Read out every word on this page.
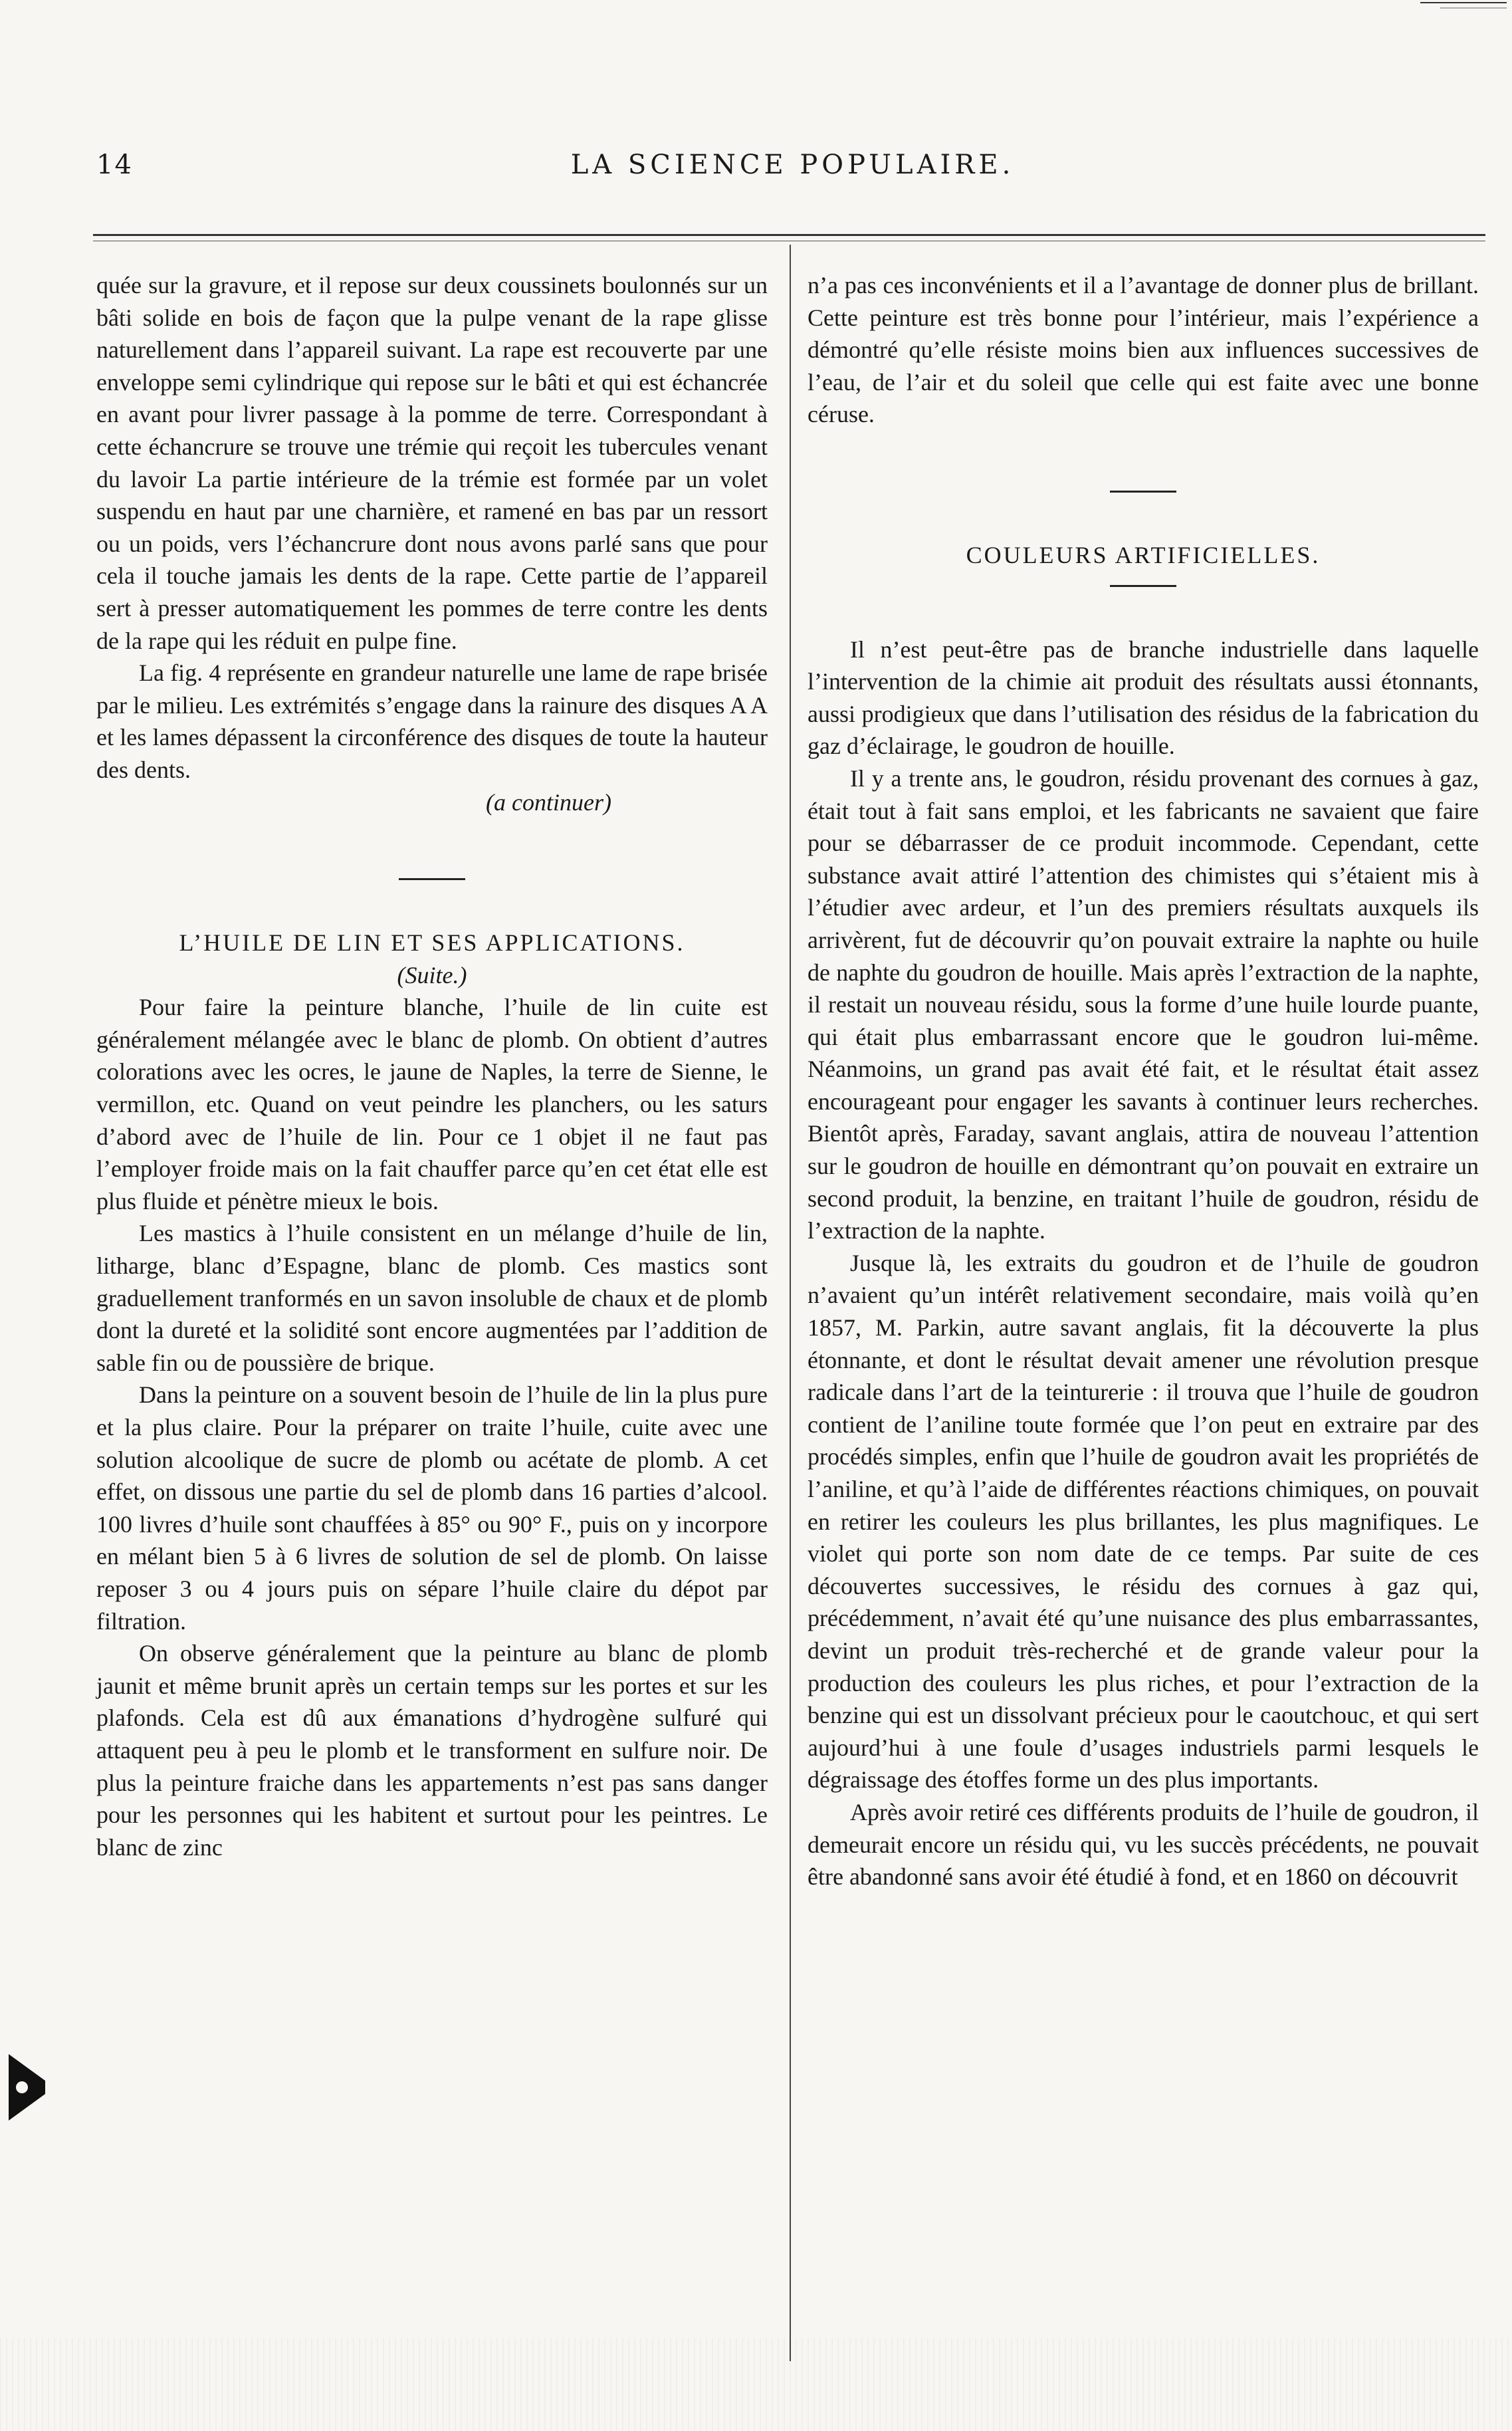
14	LA SCIENCE POPULAIRE.

quée sur la gravure, et il repose sur deux coussinets boulonnés sur un bâti solide en bois de façon que la pulpe venant de la rape glisse naturellement dans l’appareil suivant. La rape est recouverte par une enveloppe semi cylindrique qui repose sur le bâti et qui est échancrée en avant pour livrer passage à la pomme de terre. Correspondant à cette échancrure se trouve une trémie qui reçoit les tubercules venant du lavoir La partie intérieure de la trémie est formée par un volet suspendu en haut par une charnière, et ramené en bas par un ressort ou un poids, vers l’échancrure dont nous avons parlé sans que pour cela il touche jamais les dents de la rape. Cette partie de l’appareil sert à presser automatiquement les pommes de terre contre les dents de la rape qui les réduit en pulpe fine.

La fig. 4 représente en grandeur naturelle une lame de rape brisée par le milieu. Les extrémités s’engage dans la rainure des disques A A et les lames dépassent la circonférence des disques de toute la hauteur des dents.

(a continuer)

L’HUILE DE LIN ET SES APPLICATIONS.

(Suite.)

Pour faire la peinture blanche, l’huile de lin cuite est généralement mélangée avec le blanc de plomb. On obtient d’autres colorations avec les ocres, le jaune de Naples, la terre de Sienne, le vermillon, etc. Quand on veut peindre les planchers, ou les saturs d’abord avec de l’huile de lin. Pour ce 1 objet il ne faut pas l’employer froide mais on la fait chauffer parce qu’en cet état elle est plus fluide et pénètre mieux le bois.

Les mastics à l’huile consistent en un mélange d’huile de lin, litharge, blanc d’Espagne, blanc de plomb. Ces mastics sont graduellement tranformés en un savon insoluble de chaux et de plomb dont la dureté et la solidité sont encore augmentées par l’addition de sable fin ou de poussière de brique.

Dans la peinture on a souvent besoin de l’huile de lin la plus pure et la plus claire. Pour la préparer on traite l’huile, cuite avec une solution alcoolique de sucre de plomb ou acétate de plomb. A cet effet, on dissous une partie du sel de plomb dans 16 parties d’alcool. 100 livres d’huile sont chauffées à 85° ou 90° F., puis on y incorpore en mélant bien 5 à 6 livres de solution de sel de plomb. On laisse reposer 3 ou 4 jours puis on sépare l’huile claire du dépot par filtration.

On observe généralement que la peinture au blanc de plomb jaunit et même brunit après un certain temps sur les portes et sur les plafonds. Cela est dû aux émanations d’hydrogène sulfuré qui attaquent peu à peu le plomb et le transforment en sulfure noir. De plus la peinture fraiche dans les appartements n’est pas sans danger pour les personnes qui les habitent et surtout pour les peintres. Le blanc de zinc

n’a pas ces inconvénients et il a l’avantage de donner plus de brillant. Cette peinture est très bonne pour l’intérieur, mais l’expérience a démontré qu’elle résiste moins bien aux influences successives de l’eau, de l’air et du soleil que celle qui est faite avec une bonne céruse.

COULEURS ARTIFICIELLES.

Il n’est peut-être pas de branche industrielle dans laquelle l’intervention de la chimie ait produit des résultats aussi étonnants, aussi prodigieux que dans l’utilisation des résidus de la fabrication du gaz d’éclairage, le goudron de houille.

Il y a trente ans, le goudron, résidu provenant des cornues à gaz, était tout à fait sans emploi, et les fabricants ne savaient que faire pour se débarrasser de ce produit incommode. Cependant, cette substance avait attiré l’attention des chimistes qui s’étaient mis à l’étudier avec ardeur, et l’un des premiers résultats auxquels ils arrivèrent, fut de découvrir qu’on pouvait extraire la naphte ou huile de naphte du goudron de houille. Mais après l’extraction de la naphte, il restait un nouveau résidu, sous la forme d’une huile lourde puante, qui était plus embarrassant encore que le goudron lui-même. Néanmoins, un grand pas avait été fait, et le résultat était assez encourageant pour engager les savants à continuer leurs recherches. Bientôt après, Faraday, savant anglais, attira de nouveau l’attention sur le goudron de houille en démontrant qu’on pouvait en extraire un second produit, la benzine, en traitant l’huile de goudron, résidu de l’extraction de la naphte.

Jusque là, les extraits du goudron et de l’huile de goudron n’avaient qu’un intérêt relativement secondaire, mais voilà qu’en 1857, M. Parkin, autre savant anglais, fit la découverte la plus étonnante, et dont le résultat devait amener une révolution presque radicale dans l’art de la teinturerie : il trouva que l’huile de goudron contient de l’aniline toute formée que l’on peut en extraire par des procédés simples, enfin que l’huile de goudron avait les propriétés de l’aniline, et qu’à l’aide de différentes réactions chimiques, on pouvait en retirer les couleurs les plus brillantes, les plus magnifiques. Le violet qui porte son nom date de ce temps. Par suite de ces découvertes successives, le résidu des cornues à gaz qui, précédemment, n’avait été qu’une nuisance des plus embarrassantes, devint un produit très-recherché et de grande valeur pour la production des couleurs les plus riches, et pour l’extraction de la benzine qui est un dissolvant précieux pour le caoutchouc, et qui sert aujourd’hui à une foule d’usages industriels parmi lesquels le dégraissage des étoffes forme un des plus importants.

Après avoir retiré ces différents produits de l’huile de goudron, il demeurait encore un résidu qui, vu les succès précédents, ne pouvait être abandonné sans avoir été étudié à fond, et en 1860 on découvrit
